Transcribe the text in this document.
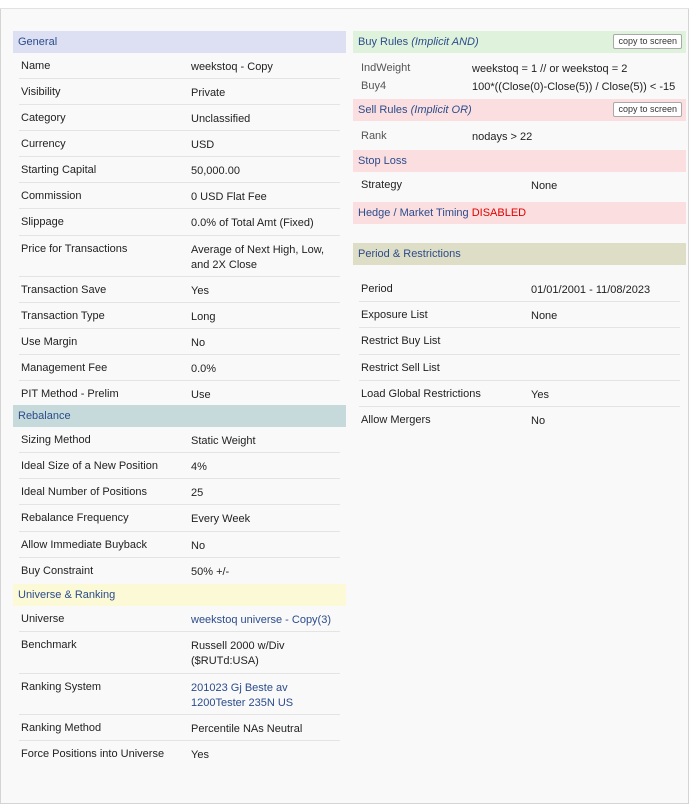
General
Name	weekstoq - Copy
Visibility	Private
Category	Unclassified
Currency	USD
Starting Capital	50,000.00
Commission	0 USD Flat Fee
Slippage	0.0% of Total Amt (Fixed)
Price for Transactions	Average of Next High, Low, and 2X Close
Transaction Save	Yes
Transaction Type	Long
Use Margin	No
Management Fee	0.0%
PIT Method - Prelim	Use
Rebalance
Sizing Method	Static Weight
Ideal Size of a New Position	4%
Ideal Number of Positions	25
Rebalance Frequency	Every Week
Allow Immediate Buyback	No
Buy Constraint	50% +/-
Universe & Ranking
Universe	weekstoq universe - Copy(3)
Benchmark	Russell 2000 w/Div ($RUTd:USA)
Ranking System	201023 Gj Beste av 1200Tester 235N US
Ranking Method	Percentile NAs Neutral
Force Positions into Universe	Yes
Buy Rules (Implicit AND)	copy to screen
IndWeight	weekstoq = 1 // or weekstoq = 2
Buy4	100*((Close(0)-Close(5)) / Close(5)) < -15
Sell Rules (Implicit OR)	copy to screen
Rank	nodays > 22
Stop Loss
Strategy	None
Hedge / Market Timing DISABLED
Period & Restrictions
Period	01/01/2001 - 11/08/2023
Exposure List	None
Restrict Buy List
Restrict Sell List
Load Global Restrictions	Yes
Allow Mergers	No
